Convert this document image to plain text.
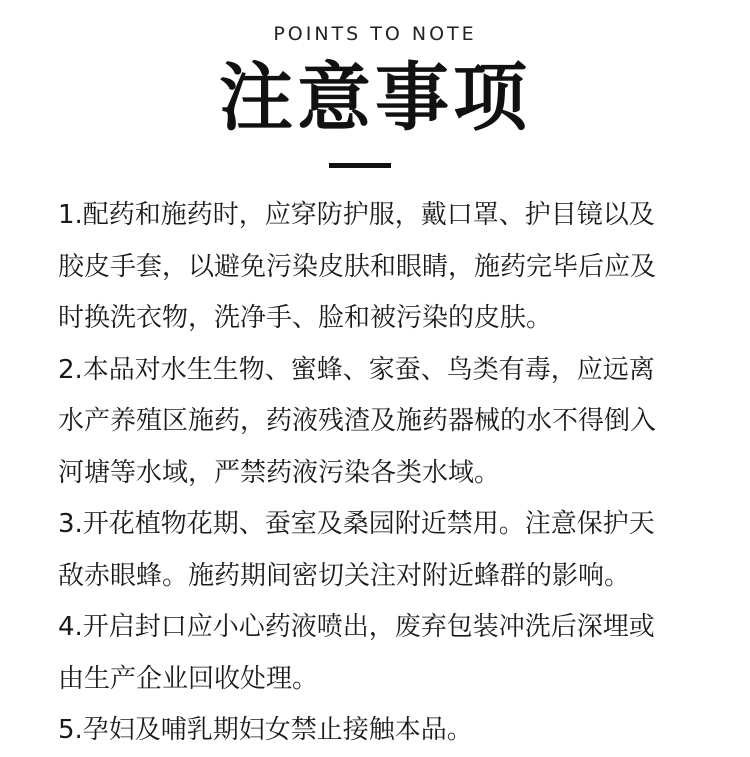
POINTS TO NOTE
注意事项
1.配药和施药时，应穿防护服，戴口罩、护目镜以及
胶皮手套，以避免污染皮肤和眼睛，施药完毕后应及
时换洗衣物，洗净手、脸和被污染的皮肤。
2.本品对水生生物、蜜蜂、家蚕、鸟类有毒，应远离
水产养殖区施药，药液残渣及施药器械的水不得倒入
河塘等水域，严禁药液污染各类水域。
3.开花植物花期、蚕室及桑园附近禁用。注意保护天
敌赤眼蜂。施药期间密切关注对附近蜂群的影响。
4.开启封口应小心药液喷出，废弃包装冲洗后深埋或
由生产企业回收处理。
5.孕妇及哺乳期妇女禁止接触本品。
